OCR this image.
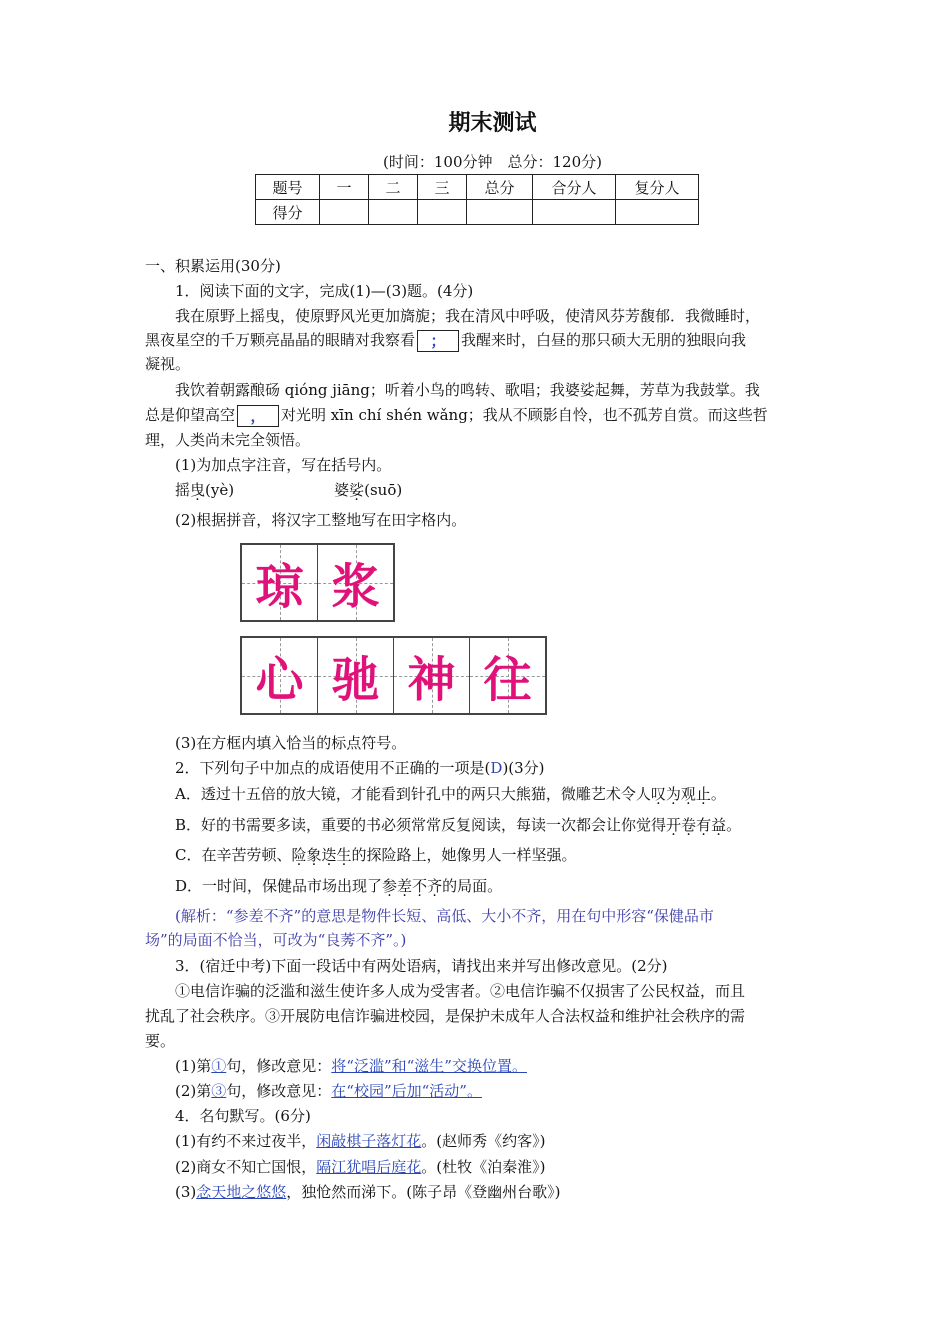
期末测试
(时间：100分钟　总分：120分)
题号	一	二	三	总分	合分人	复分人
得分						
一、积累运用(30分)
1．阅读下面的文字，完成(1)—(3)题。(4分)
我在原野上摇曳，使原野风光更加旖旎；我在清风中呼吸，使清风芬芳馥郁．我微睡时，
黑夜星空的千万颗亮晶晶的眼睛对我察看 ； 我醒来时，白昼的那只硕大无朋的独眼向我
凝视。
我饮着朝露酿砀 qióng jiāng；听着小鸟的鸣转、歌唱；我婆娑起舞，芳草为我鼓掌。我
总是仰望高空 ， 对光明 xīn chí shén wǎng；我从不顾影自怜，也不孤芳自赏。而这些哲
理，人类尚未完全领悟。
(1)为加点字注音，写在括号内。
摇曳(yè)	婆娑(suō)
(2)根据拼音，将汉字工整地写在田字格内。
琼 浆
心 驰 神 往
(3)在方框内填入恰当的标点符号。
2．下列句子中加点的成语使用不正确的一项是(D)(3分)
A．透过十五倍的放大镜，才能看到针孔中的两只大熊猫，微雕艺术令人叹为观止。
B．好的书需要多读，重要的书必须常常反复阅读，每读一次都会让你觉得开卷有益。
C．在辛苦劳顿、险象迭生的探险路上，她像男人一样坚强。
D．一时间，保健品市场出现了参差不齐的局面。
(解析：“参差不齐”的意思是物件长短、高低、大小不齐，用在句中形容“保健品市
场”的局面不恰当，可改为“良莠不齐”。)
3．(宿迁中考)下面一段话中有两处语病，请找出来并写出修改意见。(2分)
①电信诈骗的泛滥和滋生使许多人成为受害者。②电信诈骗不仅损害了公民权益，而且
扰乱了社会秩序。③开展防电信诈骗进校园，是保护未成年人合法权益和维护社会秩序的需
要。
(1)第①句，修改意见：将“泛滥”和“滋生”交换位置。
(2)第③句，修改意见：在“校园”后加“活动”。
4．名句默写。(6分)
(1)有约不来过夜半，闲敲棋子落灯花。(赵师秀《约客》)
(2)商女不知亡国恨，隔江犹唱后庭花。(杜牧《泊秦淮》)
(3)念天地之悠悠，独怆然而涕下。(陈子昂《登幽州台歌》)
